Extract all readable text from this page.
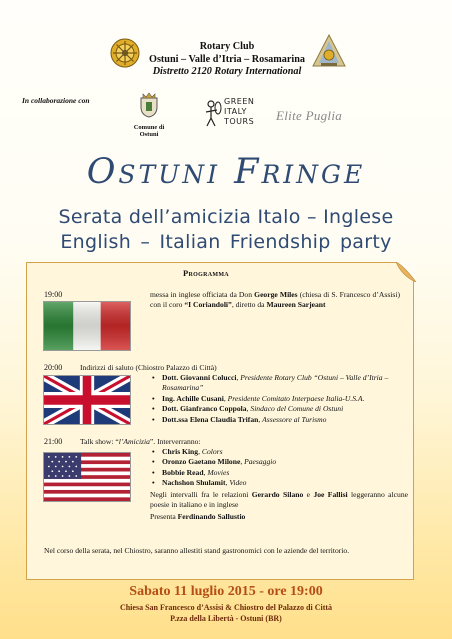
Rotary Club
Ostuni – Valle d’Itria – Rosamarina
Distretto 2120 Rotary International
In collaborazione con
Comune di Ostuni
GREEN
ITALY
TOURS Elite Puglia
Ostuni Fringe
Serata dell’amicizia Italo – Inglese
English – Italian Friendship party
Programma
19:00	messa in inglese officiata da Don George Miles (chiesa di S. Francesco d’Assisi) con il coro “I Coriandoli”, diretto da Maureen Sarjeant
20:00 Indirizzi di saluto (Chiostro Palazzo di Città)
• Dott. Giovanni Colucci, Presidente Rotary Club “Ostuni – Valle d’Itria – Rosamarina”
• Ing. Achille Cusani, Presidente Comitato Interpaese Italia-U.S.A.
• Dott. Gianfranco Coppola, Sindaco del Comune di Ostuni
• Dott.ssa Elena Claudia Trifan, Assessore al Turismo
21:00 Talk show: “l’Amicizia”. Interverranno:
• Chris King, Colors
• Oronzo Gaetano Milone, Paesaggio
• Bobbie Read, Movies
• Nachshon Shulamit, Video

Negli intervalli fra le relazioni Gerardo Silano e Joe Fallisi leggeranno alcune poesie in italiano e in inglese

Presenta Ferdinando Sallustio

Nel corso della serata, nel Chiostro, saranno allestiti stand gastronomici con le aziende del territorio.
Sabato 11 luglio 2015 - ore 19:00
Chiesa San Francesco d’Assisi & Chiostro del Palazzo di Città
P.zza della Libertà - Ostuni (BR)
